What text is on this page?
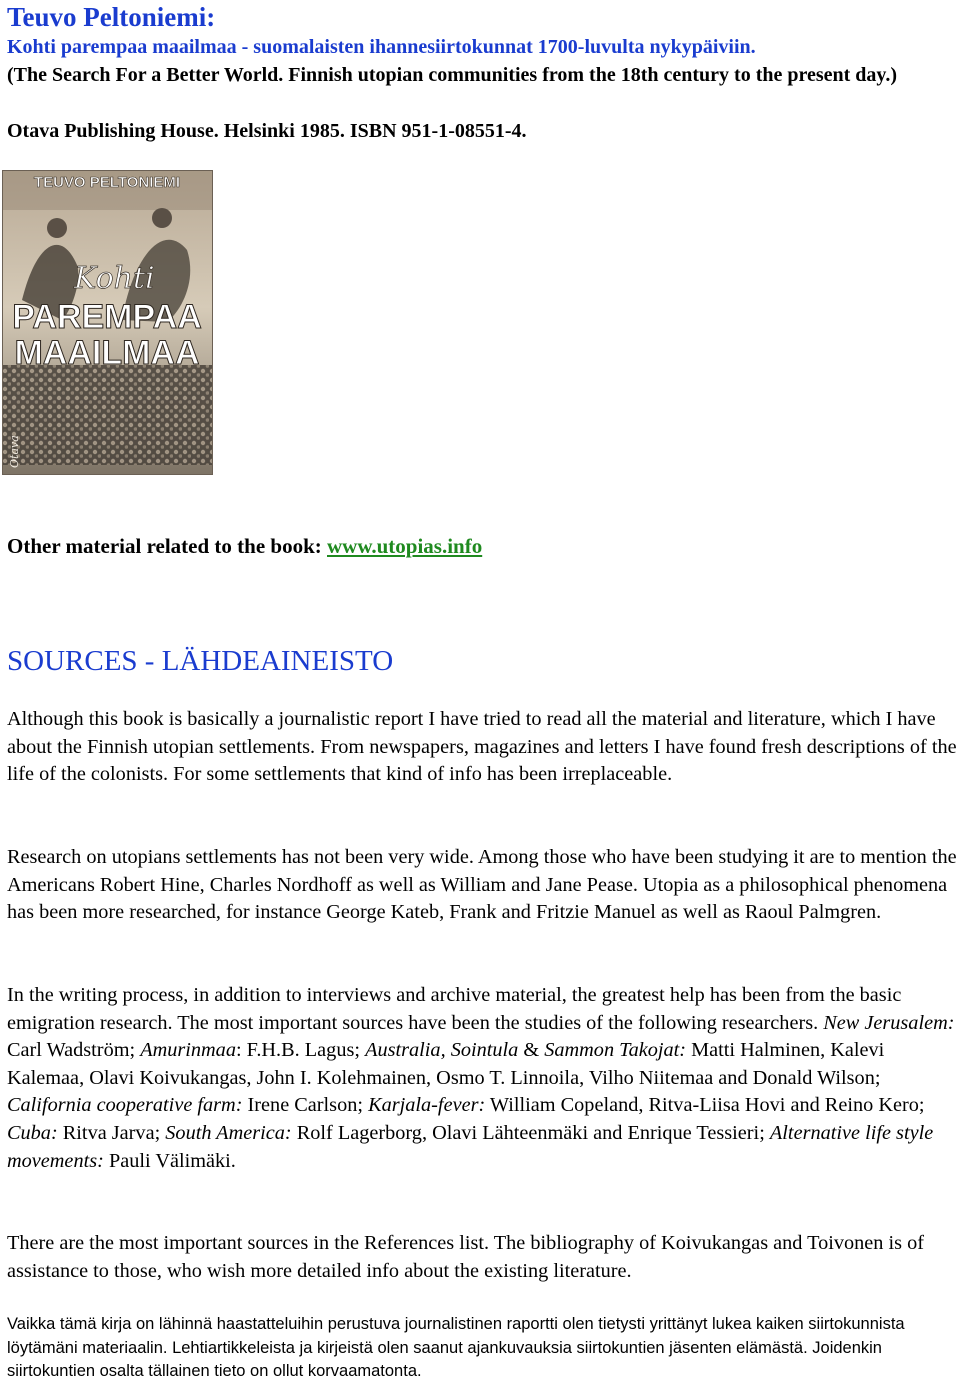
Teuvo Peltoniemi:

Kohti parempaa maailmaa - suomalaisten ihannesiirtokunnat 1700-luvulta nykypäiviin.

(The Search For a Better World. Finnish utopian communities from the 18th century to the present day.)

Otava Publishing House. Helsinki 1985. ISBN 951-1-08551-4.

TEUVO PELTONIEMI
Kohti
PAREMPAA
MAAILMAA
Otava

Other material related to the book: www.utopias.info

SOURCES - LÄHDEAINEISTO

Although this book is basically a journalistic report I have tried to read all the material and literature, which I have about the Finnish utopian settlements. From newspapers, magazines and letters I have found fresh descriptions of the life of the colonists. For some settlements that kind of info has been irreplaceable.

Research on utopians settlements has not been very wide. Among those who have been studying it are to mention the Americans Robert Hine, Charles Nordhoff as well as William and Jane Pease. Utopia as a philosophical phenomena has been more researched, for instance George Kateb, Frank and Fritzie Manuel as well as Raoul Palmgren.

In the writing process, in addition to interviews and archive material, the greatest help has been from the basic emigration research. The most important sources have been the studies of the following researchers. New Jerusalem: Carl Wadström; Amurinmaa: F.H.B. Lagus; Australia, Sointula & Sammon Takojat: Matti Halminen, Kalevi Kalemaa, Olavi Koivukangas, John I. Kolehmainen, Osmo T. Linnoila, Vilho Niitemaa and Donald Wilson; California cooperative farm: Irene Carlson; Karjala-fever: William Copeland, Ritva-Liisa Hovi and Reino Kero; Cuba: Ritva Jarva; South America: Rolf Lagerborg, Olavi Lähteenmäki and Enrique Tessieri; Alternative life style movements: Pauli Välimäki.

There are the most important sources in the References list. The bibliography of Koivukangas and Toivonen is of assistance to those, who wish more detailed info about the existing literature.

Vaikka tämä kirja on lähinnä haastatteluihin perustuva journalistinen raportti olen tietysti yrittänyt lukea kaiken siirtokunnista löytämäni materiaalin. Lehtiartikkeleista ja kirjeistä olen saanut ajankuvauksia siirtokuntien jäsenten elämästä. Joidenkin siirtokuntien osalta tällainen tieto on ollut korvaamatonta.
